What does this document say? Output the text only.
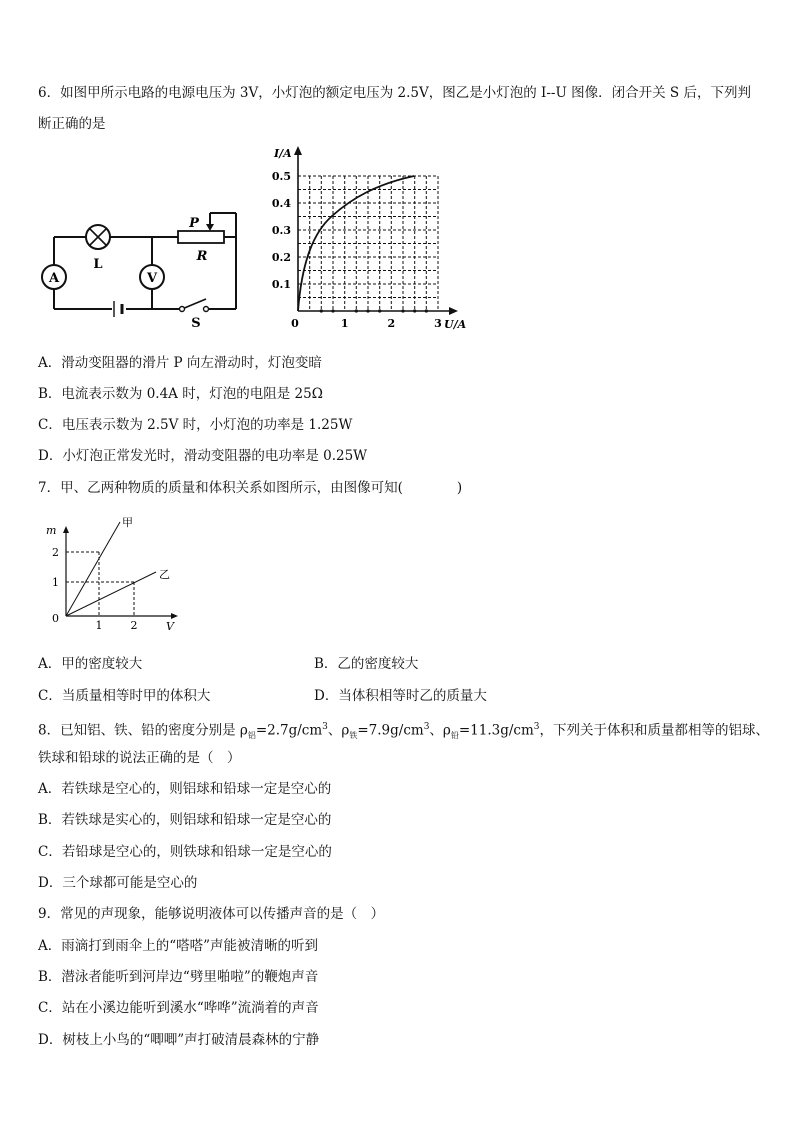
6．如图甲所示电路的电源电压为 3V，小灯泡的额定电压为 2.5V，图乙是小灯泡的 I--U 图像．闭合开关 S 后，下列判
断正确的是
A	V
L
P
R
S
I/A
U/A
0
0.1
0.2
0.3
0.4
0.5
1	2	3
A．滑动变阻器的滑片 P 向左滑动时，灯泡变暗
B．电流表示数为 0.4A 时，灯泡的电阻是 25Ω
C．电压表示数为 2.5V 时，小灯泡的功率是 1.25W
D．小灯泡正常发光时，滑动变阻器的电功率是 0.25W
7．甲、乙两种物质的质量和体积关系如图所示，由图像可知(　　　　)
m
V
0
1
2
1	2
甲
乙
A．甲的密度较大	B．乙的密度较大
C．当质量相等时甲的体积大	D．当体积相等时乙的质量大
8．已知铝、铁、铅的密度分别是 $\rho_铝=2.7g/cm^3$、$\rho_铁=7.9g/cm^3$、$\rho_铅=11.3g/cm^3$，下列关于体积和质量都相等的铝球、
铁球和铅球的说法正确的是（　）
A．若铁球是空心的，则铝球和铅球一定是空心的
B．若铁球是实心的，则铝球和铅球一定是空心的
C．若铅球是空心的，则铁球和铅球一定是空心的
D．三个球都可能是空心的
9．常见的声现象，能够说明液体可以传播声音的是（　）
A．雨滴打到雨伞上的“嗒嗒”声能被清晰的听到
B．潜泳者能听到河岸边“劈里啪啦”的鞭炮声音
C．站在小溪边能听到溪水“哗哗”流淌着的声音
D．树枝上小鸟的“唧唧”声打破清晨森林的宁静
